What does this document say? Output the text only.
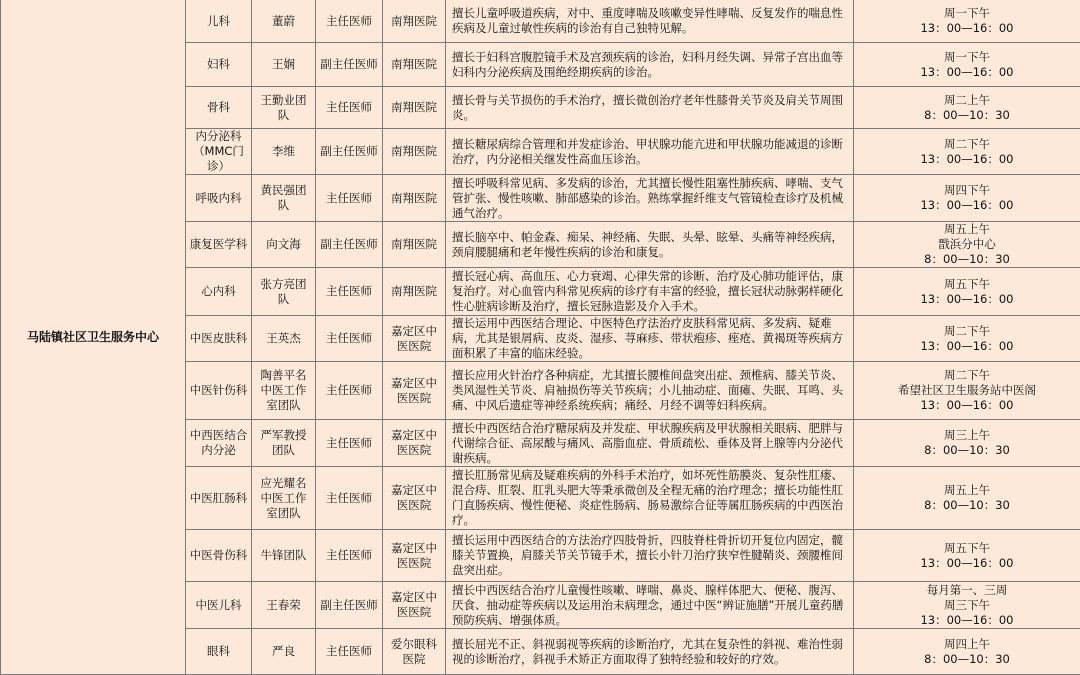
马陆镇社区卫生服务中心	儿科	董蔚	主任医师	南翔医院	擅长儿童呼吸道疾病，对中、重度哮喘及咳嗽变异性哮喘、反复发作的喘息性疾病及儿童过敏性疾病的诊治有自己独特见解。	周一下午
13：00—16：00

	妇科	王娴	副主任医师	南翔医院	擅长于妇科宫腹腔镜手术及宫颈疾病的诊治，妇科月经失调、异常子宫出血等妇科内分泌疾病及围绝经期疾病的诊治。	周一下午
13：00—16：00

	骨科	王勤业团队	主任医师	南翔医院	擅长骨与关节损伤的手术治疗，擅长微创治疗老年性膝骨关节炎及肩关节周围炎。	周二上午
8：00—10：30

	内分泌科（MMC门诊）	李维	副主任医师	南翔医院	擅长糖尿病综合管理和并发症诊治、甲状腺功能亢进和甲状腺功能减退的诊断治疗，内分泌相关继发性高血压诊治。	周二下午
13：00—16：00

	呼吸内科	黄民强团队	主任医师	南翔医院	擅长呼吸科常见病、多发病的诊治，尤其擅长慢性阻塞性肺疾病、哮喘、支气管扩张、慢性咳嗽、肺部感染的诊治。熟练掌握纤维支气管镜检查诊疗及机械通气治疗。	周四下午
13：00—16：00

	康复医学科	向文海	副主任医师	南翔医院	擅长脑卒中、帕金森、痴呆、神经痛、失眠、头晕、眩晕、头痛等神经疾病，颈肩腰腿痛和老年慢性疾病的诊治和康复。	周五上午
戬浜分中心
8：00—10：30

	心内科	张方亮团队	主任医师	南翔医院	擅长冠心病、高血压、心力衰竭、心律失常的诊断、治疗及心肺功能评估，康复治疗。对心血管内科常见疾病的诊疗有丰富的经验，擅长冠状动脉粥样硬化性心脏病诊断及治疗，擅长冠脉造影及介入手术。	周五下午
13：00—16：00

	中医皮肤科	王英杰	主任医师	嘉定区中医医院	擅长运用中西医结合理论、中医特色疗法治疗皮肤科常见病、多发病、疑难病，尤其是银屑病、皮炎、湿疹、荨麻疹、带状疱疹、痤疮、黄褐斑等疾病方面积累了丰富的临床经验。	周二下午
13：00—16：00

	中医针伤科	陶善平名中医工作室团队	主任医师	嘉定区中医医院	擅长应用火针治疗各种病症，尤其擅长腰椎间盘突出症、颈椎病、膝关节炎、类风湿性关节炎、肩袖损伤等关节疾病；小儿抽动症、面瘫、失眠、耳鸣、头痛、中风后遗症等神经系统疾病；痛经、月经不调等妇科疾病。	周二下午
希望社区卫生服务站中医阁
13：00—16：00

	中西医结合内分泌	严军教授团队	主任医师	嘉定区中医医院	擅长中西医结合治疗糖尿病及并发症、甲状腺疾病及甲状腺相关眼病、肥胖与代谢综合征、高尿酸与痛风、高脂血症、骨质疏松、垂体及肾上腺等内分泌代谢疾病。	周三上午
8：00—10：30

	中医肛肠科	应光耀名中医工作室团队	主任医师	嘉定区中医医院	擅长肛肠常见病及疑难疾病的外科手术治疗，如坏死性筋膜炎、复杂性肛瘘、混合痔、肛裂、肛乳头肥大等秉承微创及全程无痛的治疗理念；擅长功能性肛门直肠疾病、慢性便秘、炎症性肠病、肠易激综合征等属肛肠疾病的中西医治疗。	周五上午
8：00—10：30

	中医骨伤科	牛锋团队	主任医师	嘉定区中医医院	擅长运用中西医结合的方法治疗四肢骨折，四肢脊柱骨折切开复位内固定，髋膝关节置换，肩膝关节关节镜手术，擅长小针刀治疗狭窄性腱鞘炎、颈腰椎间盘突出症。	周五下午
13：00—16：00

	中医儿科	王春荣	副主任医师	嘉定区中医医院	擅长中西医结合治疗儿童慢性咳嗽、哮喘、鼻炎、腺样体肥大、便秘、腹泻、厌食、抽动症等疾病以及运用治未病理念，通过中医“辨证施膳”开展儿童药膳预防疾病、增强体质。	每月第一、三周
周三下午
13：00—16：00

	眼科	严良	主任医师	爱尔眼科医院	擅长屈光不正、斜视弱视等疾病的诊断治疗，尤其在复杂性的斜视、难治性弱视的诊断治疗，斜视手术矫正方面取得了独特经验和较好的疗效。	周四上午
8：00—10：30
